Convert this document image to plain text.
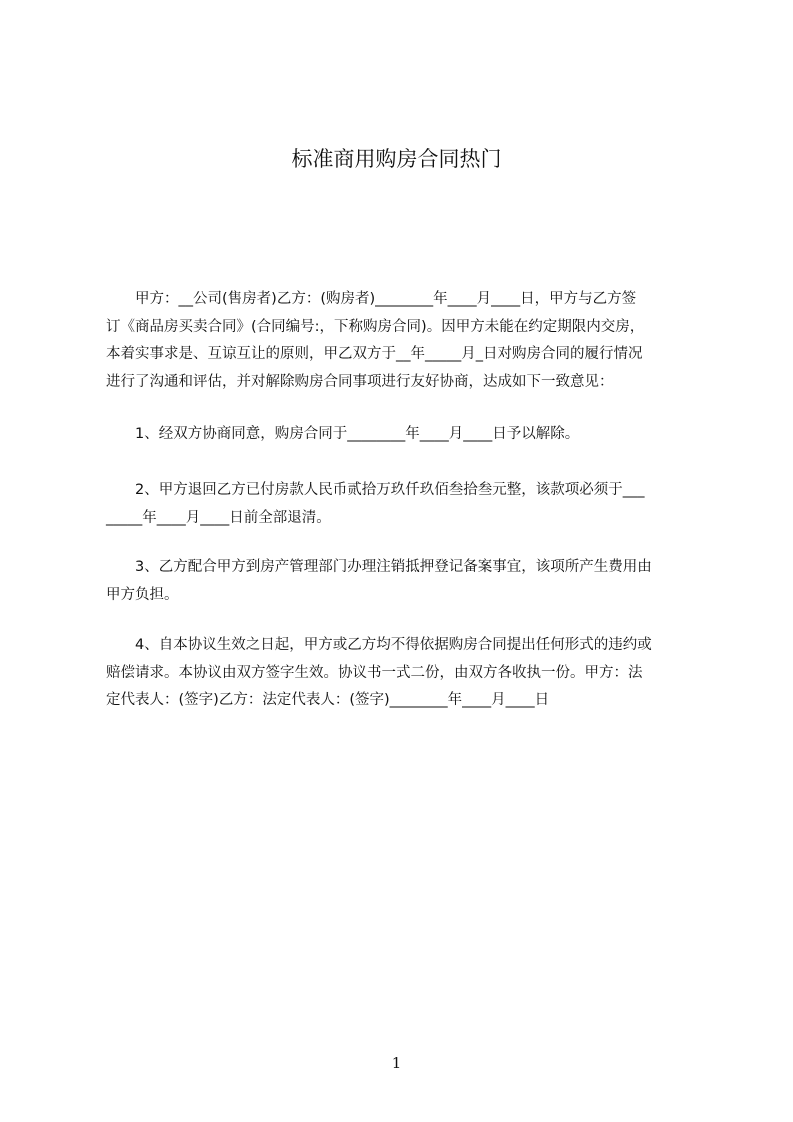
标准商用购房合同热门
　　甲方：__公司(售房者)乙方：(购房者)________年____月____日，甲方与乙方签
订《商品房买卖合同》(合同编号:，下称购房合同)。因甲方未能在约定期限内交房，
本着实事求是、互谅互让的原则，甲乙双方于__年_____月_日对购房合同的履行情况
进行了沟通和评估，并对解除购房合同事项进行友好协商，达成如下一致意见：
　　1、经双方协商同意，购房合同于________年____月____日予以解除。
　　2、甲方退回乙方已付房款人民币贰拾万玖仟玖佰叁拾叁元整，该款项必须于___
_____年____月____日前全部退清。
　　3、乙方配合甲方到房产管理部门办理注销抵押登记备案事宜，该项所产生费用由
甲方负担。
　　4、自本协议生效之日起，甲方或乙方均不得依据购房合同提出任何形式的违约或
赔偿请求。本协议由双方签字生效。协议书一式二份，由双方各收执一份。甲方：法
定代表人：(签字)乙方：法定代表人：(签字)________年____月____日
1
